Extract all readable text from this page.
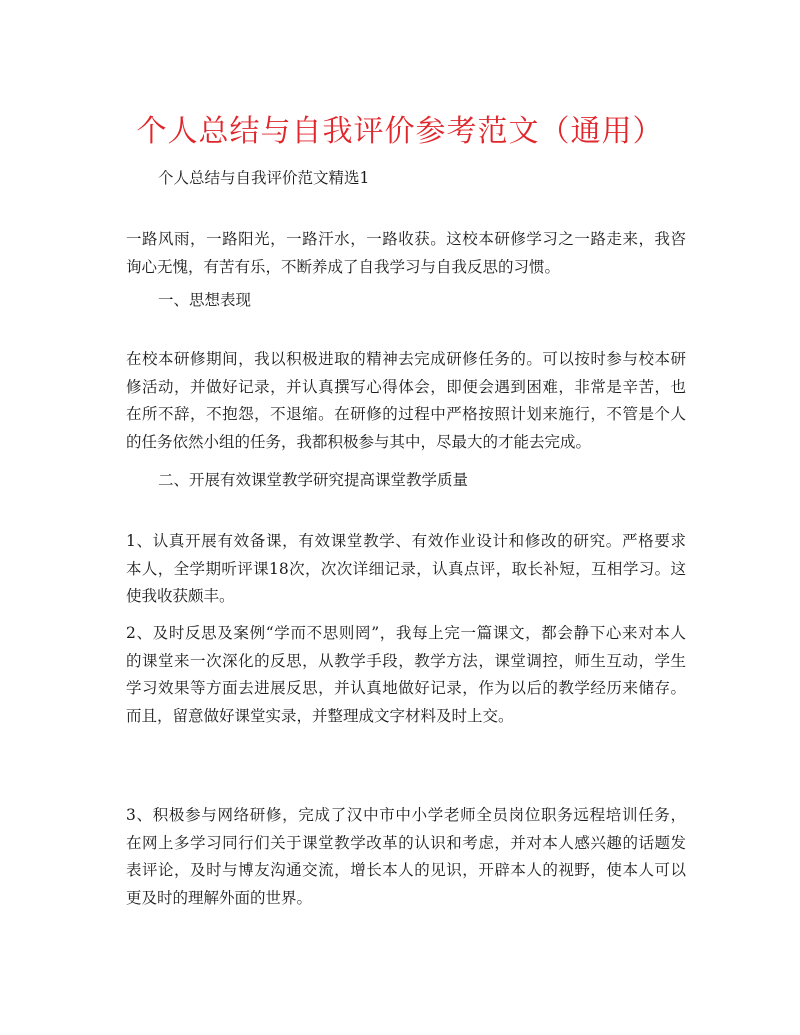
个人总结与自我评价参考范文（通用）
个人总结与自我评价范文精选1
一路风雨，一路阳光，一路汗水，一路收获。这校本研修学习之一路走来，我咨
询心无愧，有苦有乐，不断养成了自我学习与自我反思的习惯。
一、思想表现
在校本研修期间，我以积极进取的精神去完成研修任务的。可以按时参与校本研
修活动，并做好记录，并认真撰写心得体会，即便会遇到困难，非常是辛苦，也
在所不辞，不抱怨，不退缩。在研修的过程中严格按照计划来施行，不管是个人
的任务依然小组的任务，我都积极参与其中，尽最大的才能去完成。
二、开展有效课堂教学研究提高课堂教学质量
1、认真开展有效备课，有效课堂教学、有效作业设计和修改的研究。严格要求
本人，全学期听评课18次，次次详细记录，认真点评，取长补短，互相学习。这
使我收获颇丰。
2、及时反思及案例“学而不思则罔”，我每上完一篇课文，都会静下心来对本人
的课堂来一次深化的反思，从教学手段，教学方法，课堂调控，师生互动，学生
学习效果等方面去进展反思，并认真地做好记录，作为以后的教学经历来储存。
而且，留意做好课堂实录，并整理成文字材料及时上交。
3、积极参与网络研修，完成了汉中市中小学老师全员岗位职务远程培训任务，
在网上多学习同行们关于课堂教学改革的认识和考虑，并对本人感兴趣的话题发
表评论，及时与博友沟通交流，增长本人的见识，开辟本人的视野，使本人可以
更及时的理解外面的世界。
